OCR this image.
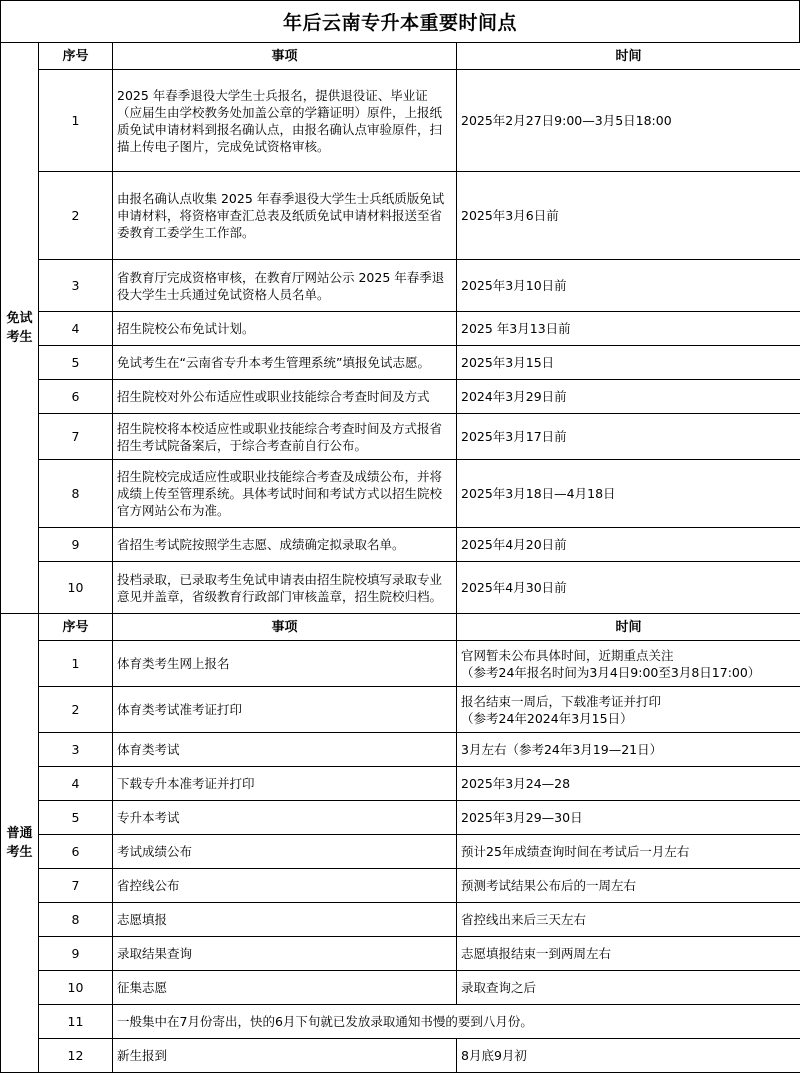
年后云南专升本重要时间点
免试
考生	序号	事项	时间
	1	2025 年春季退役大学生士兵报名，提供退役证、毕业证（应届生由学校教务处加盖公章的学籍证明）原件，上报纸质免试申请材料到报名确认点，由报名确认点审验原件，扫描上传电子图片，完成免试资格审核。	2025年2月27日9:00—3月5日18:00
	2	由报名确认点收集 2025 年春季退役大学生士兵纸质版免试申请材料，将资格审查汇总表及纸质免试申请材料报送至省委教育工委学生工作部。	2025年3月6日前
	3	省教育厅完成资格审核，在教育厅网站公示 2025 年春季退役大学生士兵通过免试资格人员名单。	2025年3月10日前
	4	招生院校公布免试计划。	2025 年3月13日前
	5	免试考生在“云南省专升本考生管理系统”填报免试志愿。	2025年3月15日
	6	招生院校对外公布适应性或职业技能综合考查时间及方式	2024年3月29日前
	7	招生院校将本校适应性或职业技能综合考查时间及方式报省招生考试院备案后，于综合考查前自行公布。	2025年3月17日前
	8	招生院校完成适应性或职业技能综合考查及成绩公布，并将成绩上传至管理系统。具体考试时间和考试方式以招生院校官方网站公布为准。	2025年3月18日—4月18日
	9	省招生考试院按照学生志愿、成绩确定拟录取名单。	2025年4月20日前
	10	投档录取，已录取考生免试申请表由招生院校填写录取专业意见并盖章，省级教育行政部门审核盖章，招生院校归档。	2025年4月30日前

普通
考生	序号	事项	时间
	1	体育类考生网上报名	官网暂未公布具体时间，近期重点关注
（参考24年报名时间为3月4日9:00至3月8日17:00）

	2	体育类考试准考证打印	报名结束一周后，下载准考证并打印
（参考24年2024年3月15日）

	3	体育类考试	3月左右（参考24年3月19—21日）
	4	下载专升本准考证并打印	2025年3月24—28
	5	专升本考试	2025年3月29—30日
	6	考试成绩公布	预计25年成绩查询时间在考试后一月左右
	7	省控线公布	预测考试结果公布后的一周左右
	8	志愿填报	省控线出来后三天左右
	9	录取结果查询	志愿填报结束一到两周左右
	10	征集志愿	录取查询之后
	11	一般集中在7月份寄出，快的6月下旬就已发放录取通知书慢的要到八月份。	
	12	新生报到	8月底9月初
